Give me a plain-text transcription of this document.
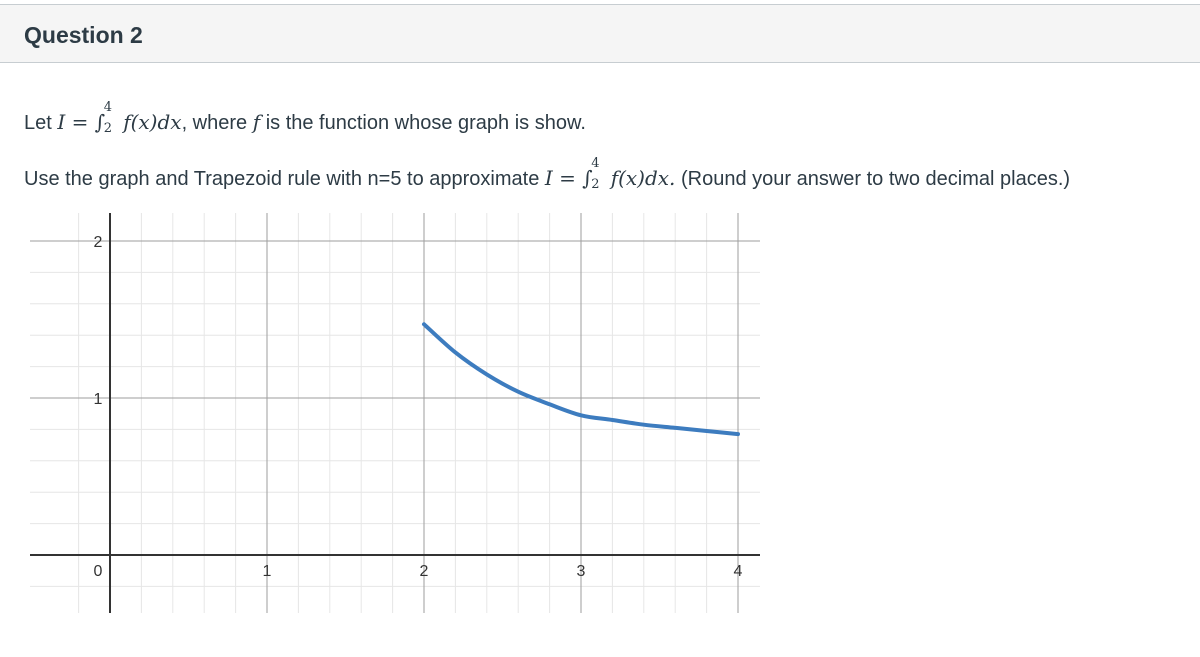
Question 2
Let I = ∫
4
2 f(x)dx, where f is the function whose graph is show.
Use the graph and Trapezoid rule with n=5 to approximate I = ∫
4
2 f(x)dx. (Round your answer to two decimal places.)
1	2	3	4
0
2
1
